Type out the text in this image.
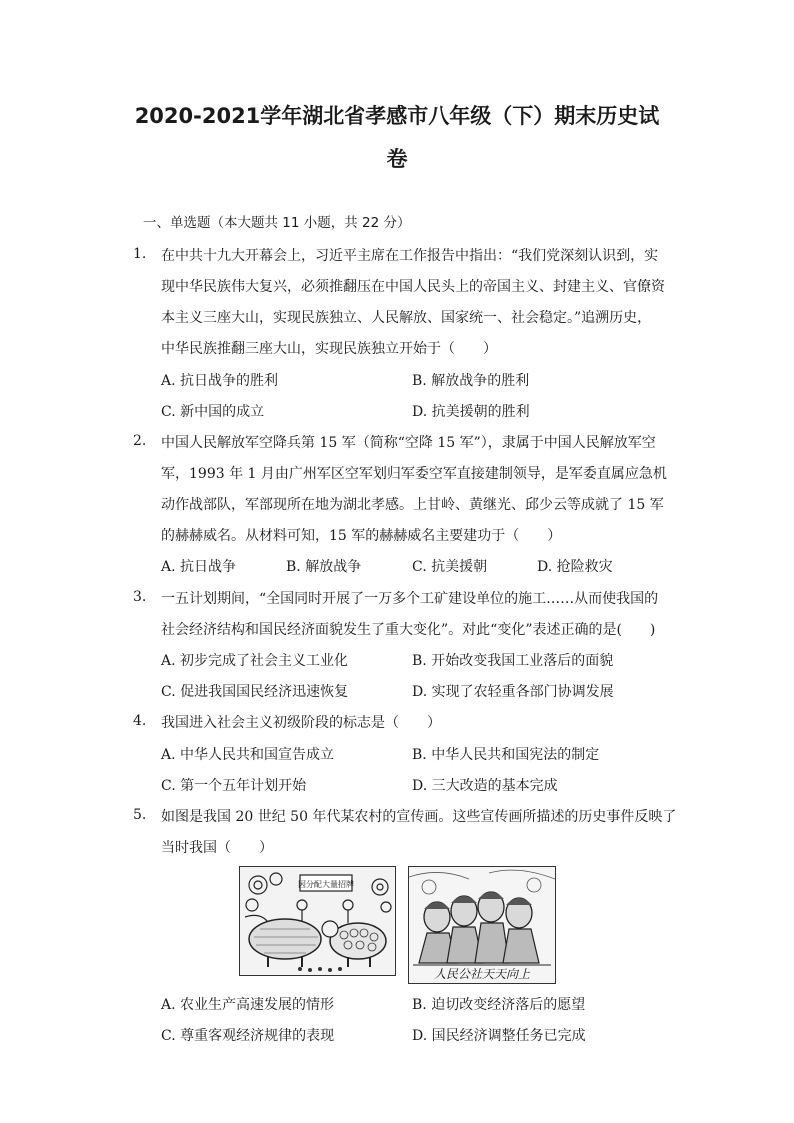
2020-2021学年湖北省孝感市八年级（下）期末历史试
卷
一、单选题（本大题共 11 小题，共 22 分）
1. 在中共十九大开幕会上，习近平主席在工作报告中指出：“我们党深刻认识到，实
现中华民族伟大复兴，必须推翻压在中国人民头上的帝国主义、封建主义、官僚资
本主义三座大山，实现民族独立、人民解放、国家统一、社会稳定。”追溯历史，
中华民族推翻三座大山，实现民族独立开始于（　　）
A. 抗日战争的胜利	B. 解放战争的胜利
C. 新中国的成立	D. 抗美援朝的胜利
2. 中国人民解放军空降兵第 15 军（简称“空降 15 军”），隶属于中国人民解放军空
军，1993 年 1 月由广州军区空军划归军委空军直接建制领导，是军委直属应急机
动作战部队，军部现所在地为湖北孝感。上甘岭、黄继光、邱少云等成就了 15 军
的赫赫威名。从材料可知，15 军的赫赫威名主要建功于（　　）
A. 抗日战争	B. 解放战争	C. 抗美援朝	D. 抢险救灾
3. 一五计划期间，“全国同时开展了一万多个工矿建设单位的施工……从而使我国的
社会经济结构和国民经济面貌发生了重大变化”。对此“变化”表述正确的是(　　)
A. 初步完成了社会主义工业化	B. 开始改变我国工业落后的面貌
C. 促进我国国民经济迅速恢复	D. 实现了农轻重各部门协调发展
4. 我国进入社会主义初级阶段的标志是（　　）
A. 中华人民共和国宣告成立	B. 中华人民共和国宪法的制定
C. 第一个五年计划开始	D. 三大改造的基本完成
5. 如图是我国 20 世纪 50 年代某农村的宣传画。这些宣传画所描述的历史事件反映了
当时我国（　　）
因分配大量招牌
人民公社天天向上
A. 农业生产高速发展的情形	B. 迫切改变经济落后的愿望
C. 尊重客观经济规律的表现	D. 国民经济调整任务已完成
